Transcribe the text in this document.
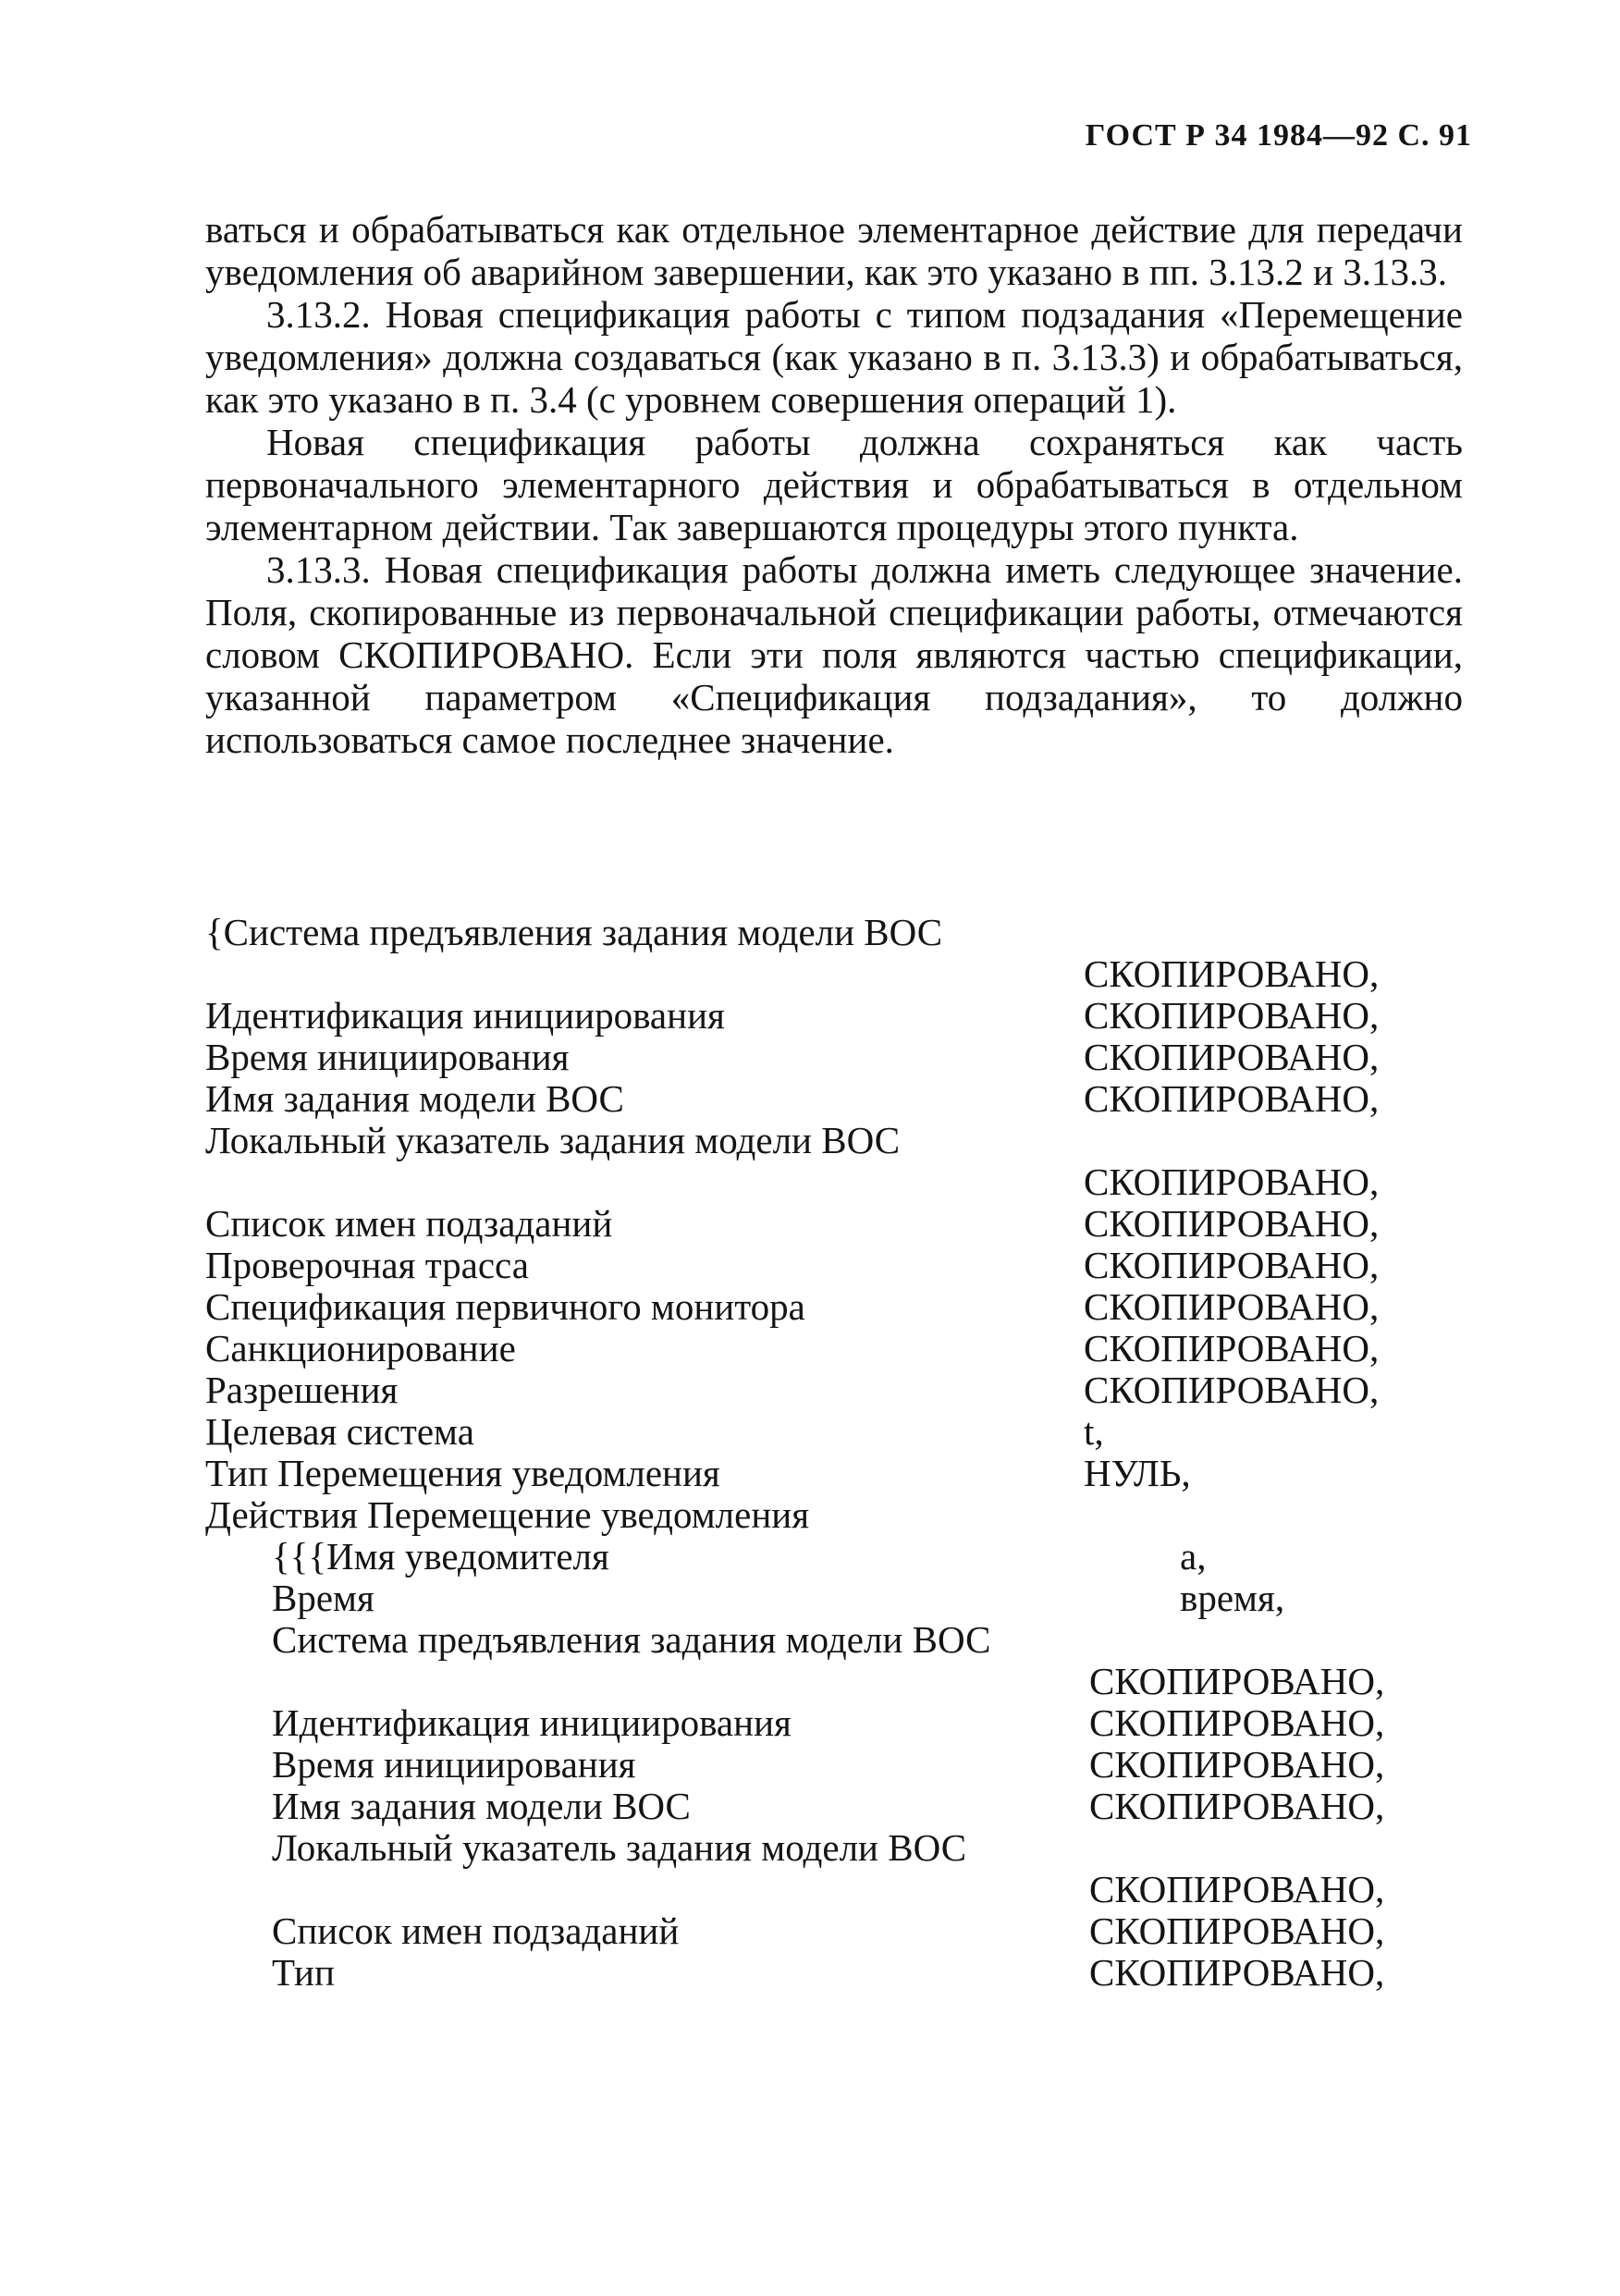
ГОСТ Р 34 1984—92 С. 91

ваться и обрабатываться как отдельное элементарное действие для передачи уведомления об аварийном завершении, как это указано в пп. 3.13.2 и 3.13.3.

3.13.2. Новая спецификация работы с типом подзадания «Перемещение уведомления» должна создаваться (как указано в п. 3.13.3) и обрабатываться, как это указано в п. 3.4 (с уровнем совершения операций 1).

Новая спецификация работы должна сохраняться как часть первоначального элементарного действия и обрабатываться в отдельном элементарном действии. Так завершаются процедуры этого пункта.

3.13.3. Новая спецификация работы должна иметь следующее значение. Поля, скопированные из первоначальной спецификации работы, отмечаются словом СКОПИРОВАНО. Если эти поля являются частью спецификации, указанной параметром «Спецификация подзадания», то должно использоваться самое последнее значение.

{Система предъявления задания модели ВОС
СКОПИРОВАНО,
Идентификация инициирования	СКОПИРОВАНО,
Время инициирования	СКОПИРОВАНО,
Имя задания модели ВОС	СКОПИРОВАНО,
Локальный указатель задания модели ВОС
СКОПИРОВАНО,
Список имен подзаданий	СКОПИРОВАНО,
Проверочная трасса	СКОПИРОВАНО,
Спецификация первичного монитора	СКОПИРОВАНО,
Санкционирование	СКОПИРОВАНО,
Разрешения	СКОПИРОВАНО,
Целевая система	t,
Тип Перемещения уведомления	НУЛЬ,
Действия Перемещение уведомления
{{{Имя уведомителя	a,
Время	время,
Система предъявления задания модели ВОС
СКОПИРОВАНО,
Идентификация инициирования	СКОПИРОВАНО,
Время инициирования	СКОПИРОВАНО,
Имя задания модели ВОС	СКОПИРОВАНО,
Локальный указатель задания модели ВОС
СКОПИРОВАНО,
Список имен подзаданий	СКОПИРОВАНО,
Тип	СКОПИРОВАНО,
